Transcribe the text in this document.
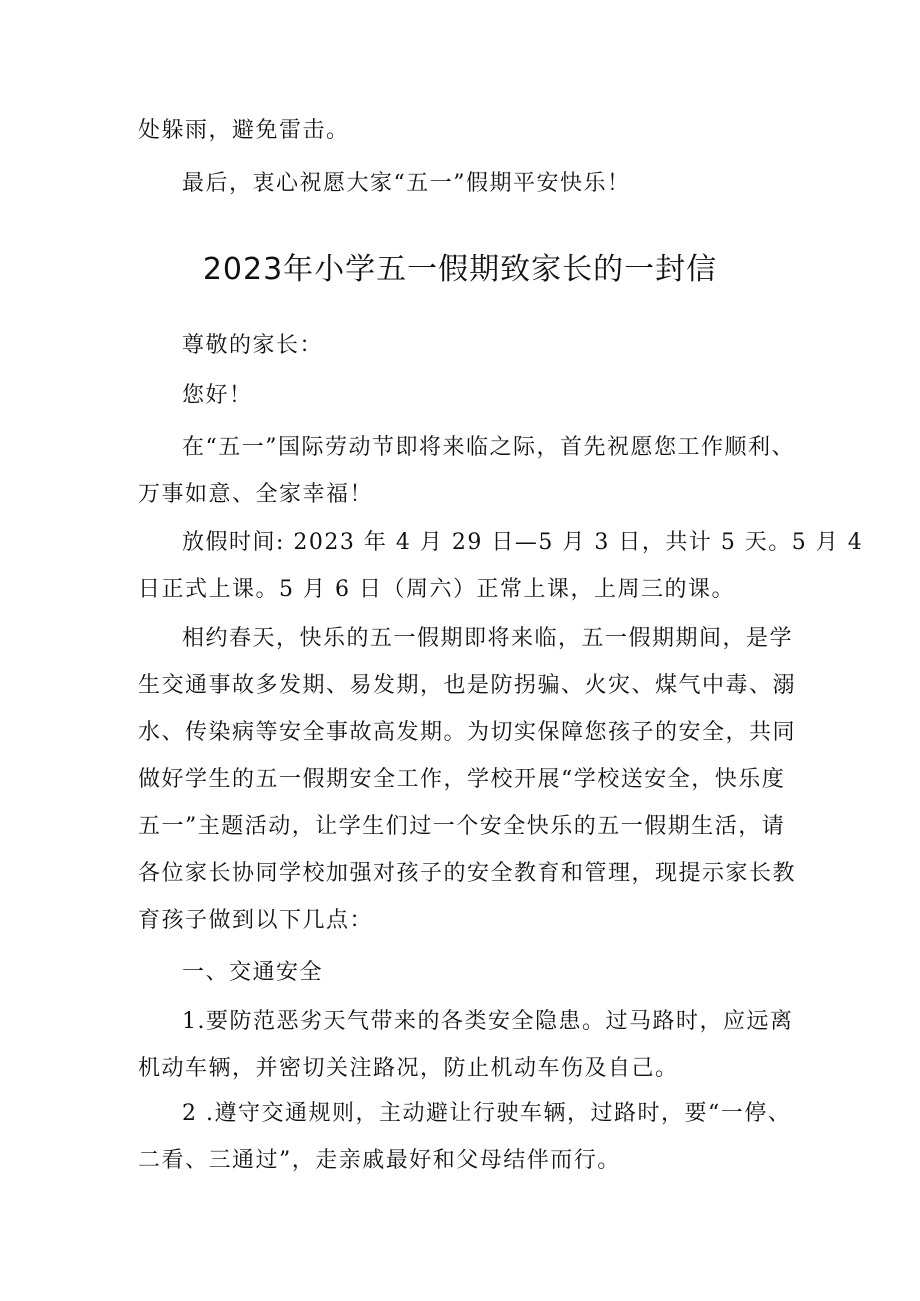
处躲雨，避免雷击。

最后，衷心祝愿大家“五一”假期平安快乐！

2023年小学五一假期致家长的一封信

尊敬的家长：

您好！

在“五一”国际劳动节即将来临之际，首先祝愿您工作顺利、
万事如意、全家幸福！

放假时间: 2023 年 4 月 29 日—5 月 3 日，共计 5 天。5 月 4
日正式上课。5 月 6 日（周六）正常上课，上周三的课。

相约春天，快乐的五一假期即将来临，五一假期期间，是学
生交通事故多发期、易发期，也是防拐骗、火灾、煤气中毒、溺
水、传染病等安全事故高发期。为切实保障您孩子的安全，共同
做好学生的五一假期安全工作，学校开展“学校送安全，快乐度
五一”主题活动，让学生们过一个安全快乐的五一假期生活，请
各位家长协同学校加强对孩子的安全教育和管理，现提示家长教
育孩子做到以下几点：

一、交通安全

1.要防范恶劣天气带来的各类安全隐患。过马路时，应远离
机动车辆，并密切关注路况，防止机动车伤及自己。

2 .遵守交通规则，主动避让行驶车辆，过路时，要“一停、
二看、三通过”，走亲戚最好和父母结伴而行。
